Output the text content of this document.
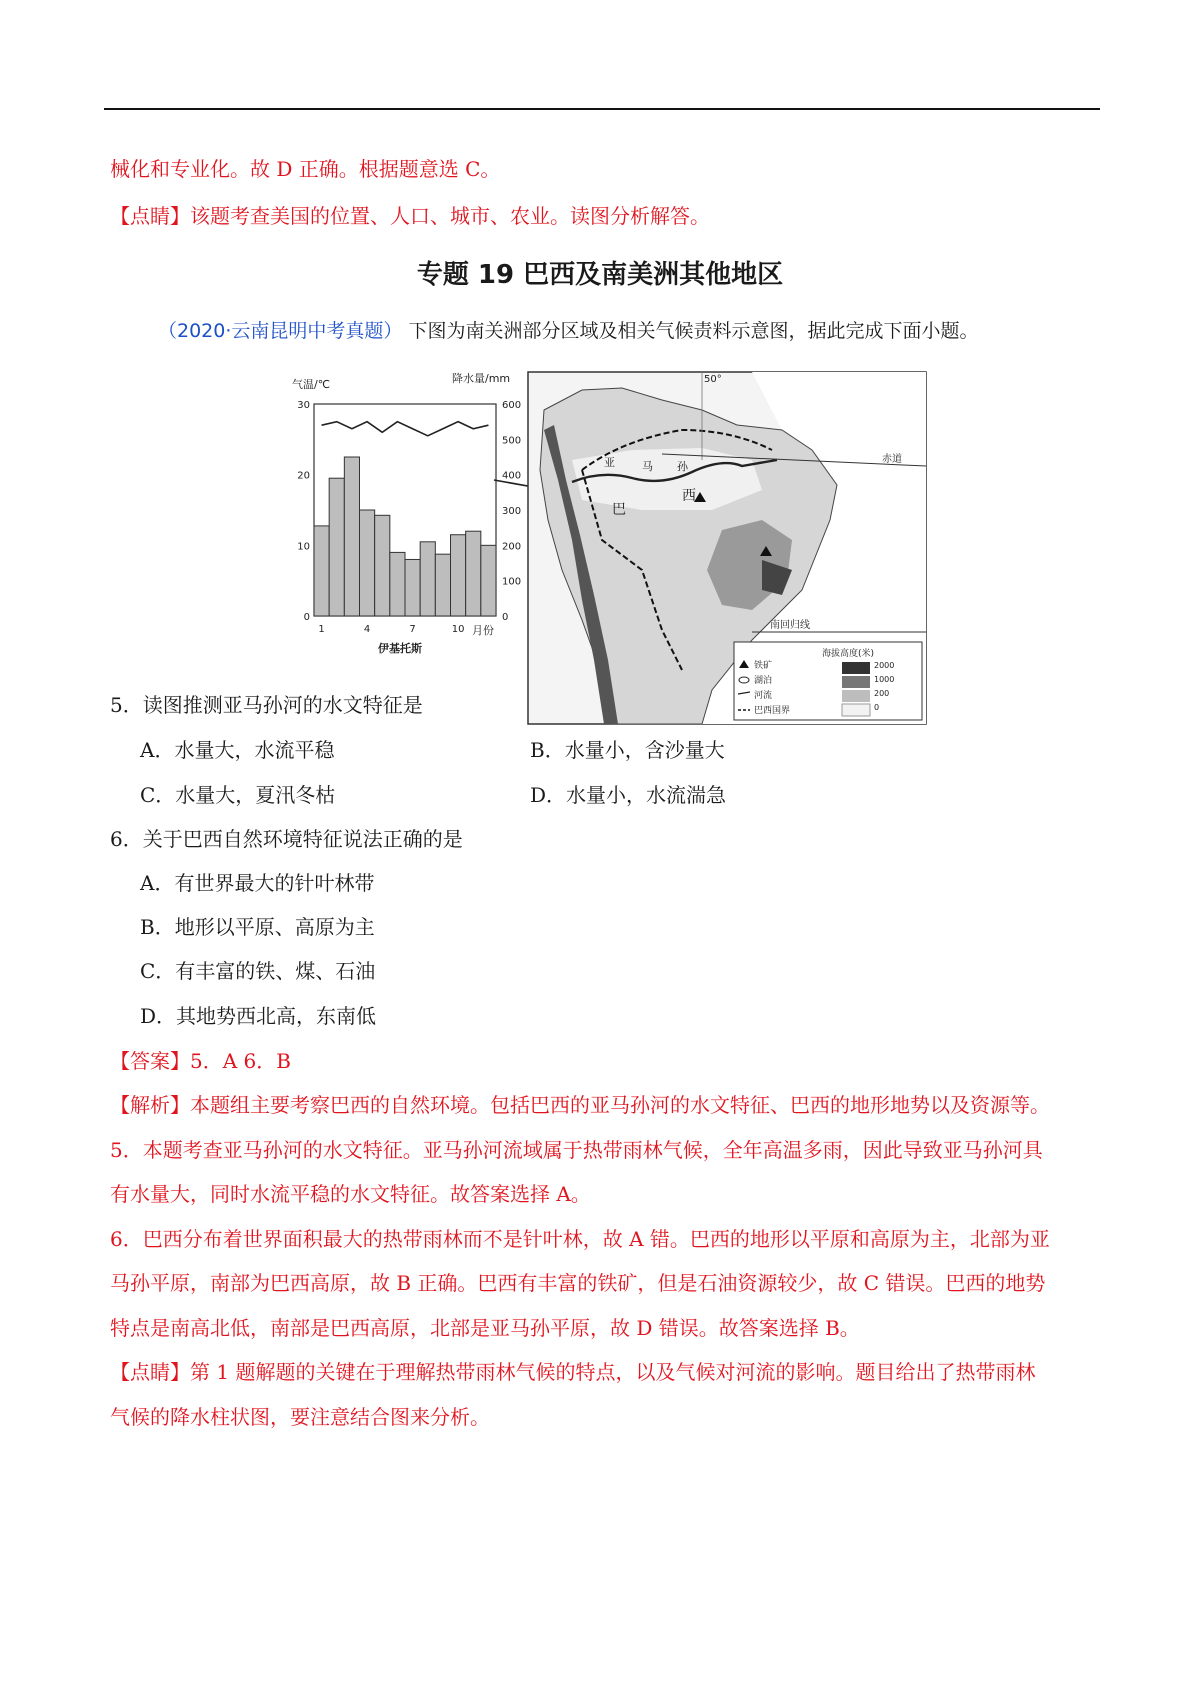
械化和专业化。故 D 正确。根据题意选 C。
【点睛】该题考查美国的位置、人口、城市、农业。读图分析解答。
专题 19 巴西及南美洲其他地区
（2020·云南昆明中考真题） 下图为南关洲部分区域及相关气候责料示意图，据此完成下面小题。
气温/℃	降水量/mm
30
20
10
0
600
500
400
300
200
100
0
1	4	7	10 月份
伊基托斯
50°
赤道
亚 马 孙
巴
西
南回归线
海拔高度(米)
铁矿
湖泊
河流
巴西国界
2000
1000
200
0
5．读图推测亚马孙河的水文特征是
A．水量大，水流平稳	B．水量小，含沙量大
C．水量大，夏汛冬枯	D．水量小，水流湍急
6．关于巴西自然环境特征说法正确的是
A．有世界最大的针叶林带
B．地形以平原、高原为主
C．有丰富的铁、煤、石油
D．其地势西北高，东南低
【答案】5．A 6．B
【解析】本题组主要考察巴西的自然环境。包括巴西的亚马孙河的水文特征、巴西的地形地势以及资源等。
5．本题考查亚马孙河的水文特征。亚马孙河流域属于热带雨林气候，全年高温多雨，因此导致亚马孙河具
有水量大，同时水流平稳的水文特征。故答案选择 A。
6．巴西分布着世界面积最大的热带雨林而不是针叶林，故 A 错。巴西的地形以平原和高原为主，北部为亚
马孙平原，南部为巴西高原，故 B 正确。巴西有丰富的铁矿，但是石油资源较少，故 C 错误。巴西的地势
特点是南高北低，南部是巴西高原，北部是亚马孙平原，故 D 错误。故答案选择 B。
【点睛】第 1 题解题的关键在于理解热带雨林气候的特点，以及气候对河流的影响。题目给出了热带雨林
气候的降水柱状图，要注意结合图来分析。
